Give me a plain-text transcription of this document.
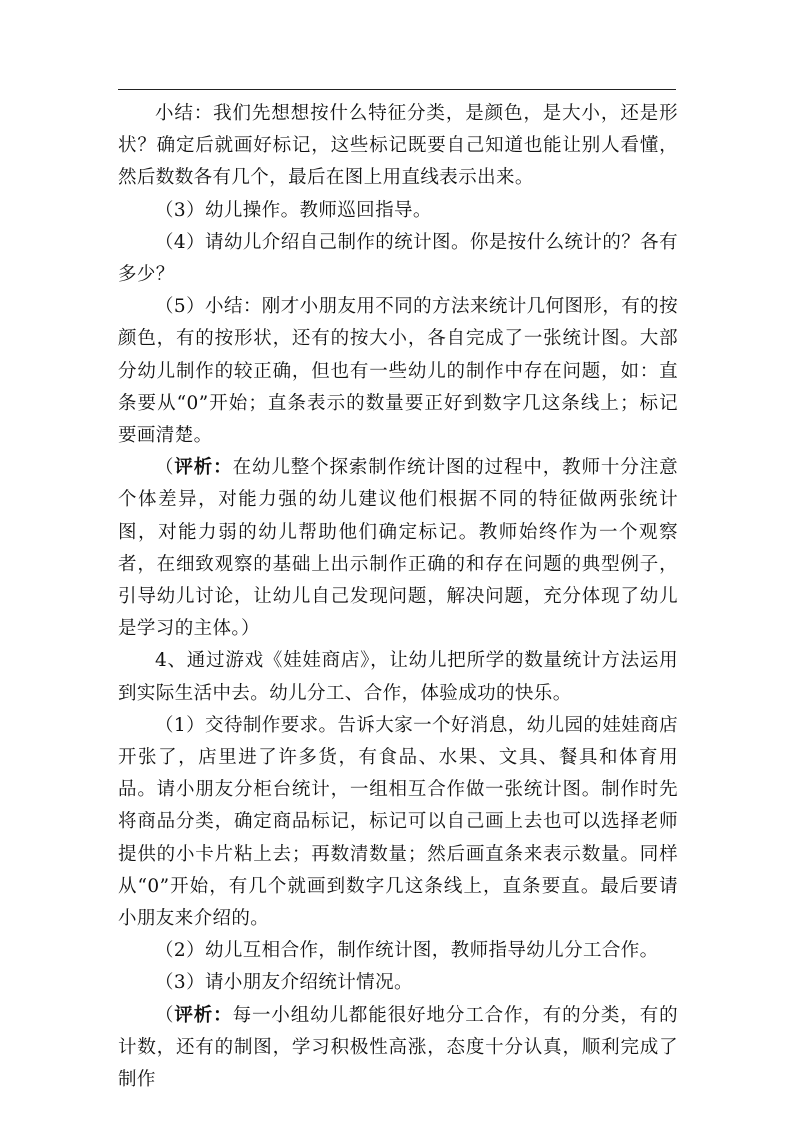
小结：我们先想想按什么特征分类，是颜色，是大小，还是形状？确定后就画好标记，这些标记既要自己知道也能让别人看懂，然后数数各有几个，最后在图上用直线表示出来。

（3）幼儿操作。教师巡回指导。

（4）请幼儿介绍自己制作的统计图。你是按什么统计的？各有多少？

（5）小结：刚才小朋友用不同的方法来统计几何图形，有的按颜色，有的按形状，还有的按大小，各自完成了一张统计图。大部分幼儿制作的较正确，但也有一些幼儿的制作中存在问题，如：直条要从“0”开始；直条表示的数量要正好到数字几这条线上；标记要画清楚。

（评析：在幼儿整个探索制作统计图的过程中，教师十分注意个体差异，对能力强的幼儿建议他们根据不同的特征做两张统计图，对能力弱的幼儿帮助他们确定标记。教师始终作为一个观察者，在细致观察的基础上出示制作正确的和存在问题的典型例子，引导幼儿讨论，让幼儿自己发现问题，解决问题，充分体现了幼儿是学习的主体。）

4、通过游戏《娃娃商店》，让幼儿把所学的数量统计方法运用到实际生活中去。幼儿分工、合作，体验成功的快乐。

（1）交待制作要求。告诉大家一个好消息，幼儿园的娃娃商店开张了，店里进了许多货，有食品、水果、文具、餐具和体育用品。请小朋友分柜台统计，一组相互合作做一张统计图。制作时先将商品分类，确定商品标记，标记可以自己画上去也可以选择老师提供的小卡片粘上去；再数清数量；然后画直条来表示数量。同样从“0”开始，有几个就画到数字几这条线上，直条要直。最后要请小朋友来介绍的。

（2）幼儿互相合作，制作统计图，教师指导幼儿分工合作。

（3）请小朋友介绍统计情况。

（评析：每一小组幼儿都能很好地分工合作，有的分类，有的计数，还有的制图，学习积极性高涨，态度十分认真，顺利完成了制作
